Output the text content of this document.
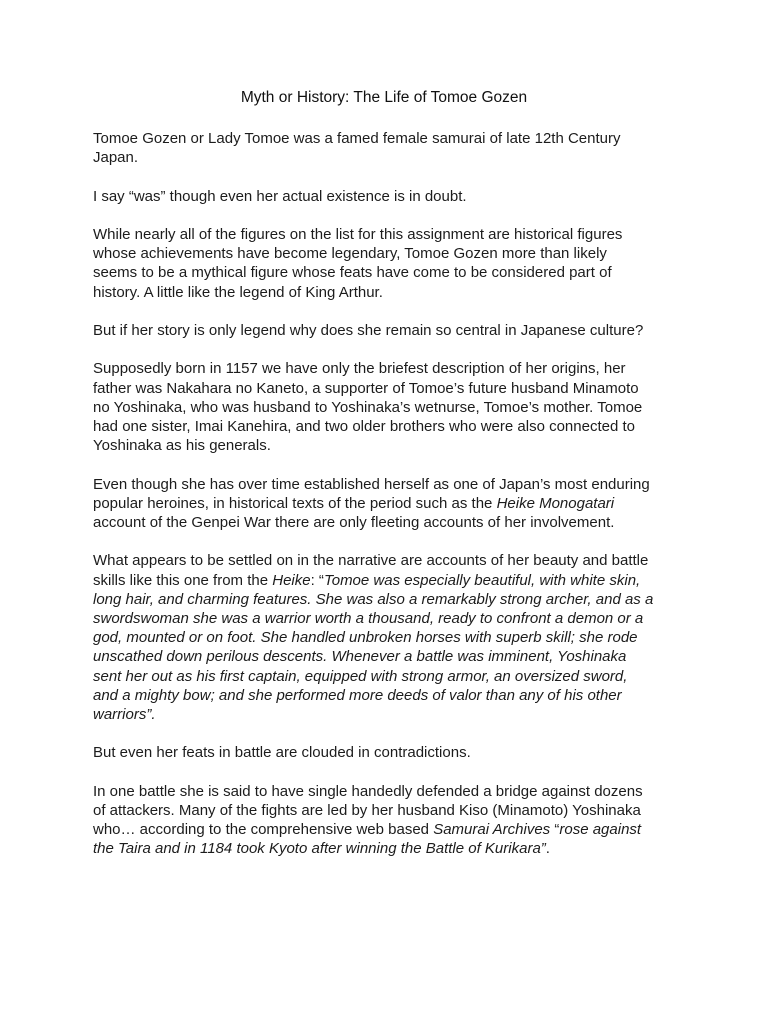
Myth or History: The Life of Tomoe Gozen

Tomoe Gozen or Lady Tomoe was a famed female samurai of late 12th Century
Japan.

I say “was” though even her actual existence is in doubt.

While nearly all of the figures on the list for this assignment are historical figures
whose achievements have become legendary, Tomoe Gozen more than likely
seems to be a mythical figure whose feats have come to be considered part of
history. A little like the legend of King Arthur.

But if her story is only legend why does she remain so central in Japanese culture?

Supposedly born in 1157 we have only the briefest description of her origins, her
father was Nakahara no Kaneto, a supporter of Tomoe’s future husband Minamoto
no Yoshinaka, who was husband to Yoshinaka’s wetnurse, Tomoe’s mother. Tomoe
had one sister, Imai Kanehira, and two older brothers who were also connected to
Yoshinaka as his generals.

Even though she has over time established herself as one of Japan’s most enduring
popular heroines, in historical texts of the period such as the Heike Monogatari
account of the Genpei War there are only fleeting accounts of her involvement.

What appears to be settled on in the narrative are accounts of her beauty and battle
skills like this one from the Heike: “Tomoe was especially beautiful, with white skin,
long hair, and charming features. She was also a remarkably strong archer, and as a
swordswoman she was a warrior worth a thousand, ready to confront a demon or a
god, mounted or on foot. She handled unbroken horses with superb skill; she rode
unscathed down perilous descents. Whenever a battle was imminent, Yoshinaka
sent her out as his first captain, equipped with strong armor, an oversized sword,
and a mighty bow; and she performed more deeds of valor than any of his other
warriors”.

But even her feats in battle are clouded in contradictions.

In one battle she is said to have single handedly defended a bridge against dozens
of attackers. Many of the fights are led by her husband Kiso (Minamoto) Yoshinaka
who… according to the comprehensive web based Samurai Archives “rose against
the Taira and in 1184 took Kyoto after winning the Battle of Kurikara”.
